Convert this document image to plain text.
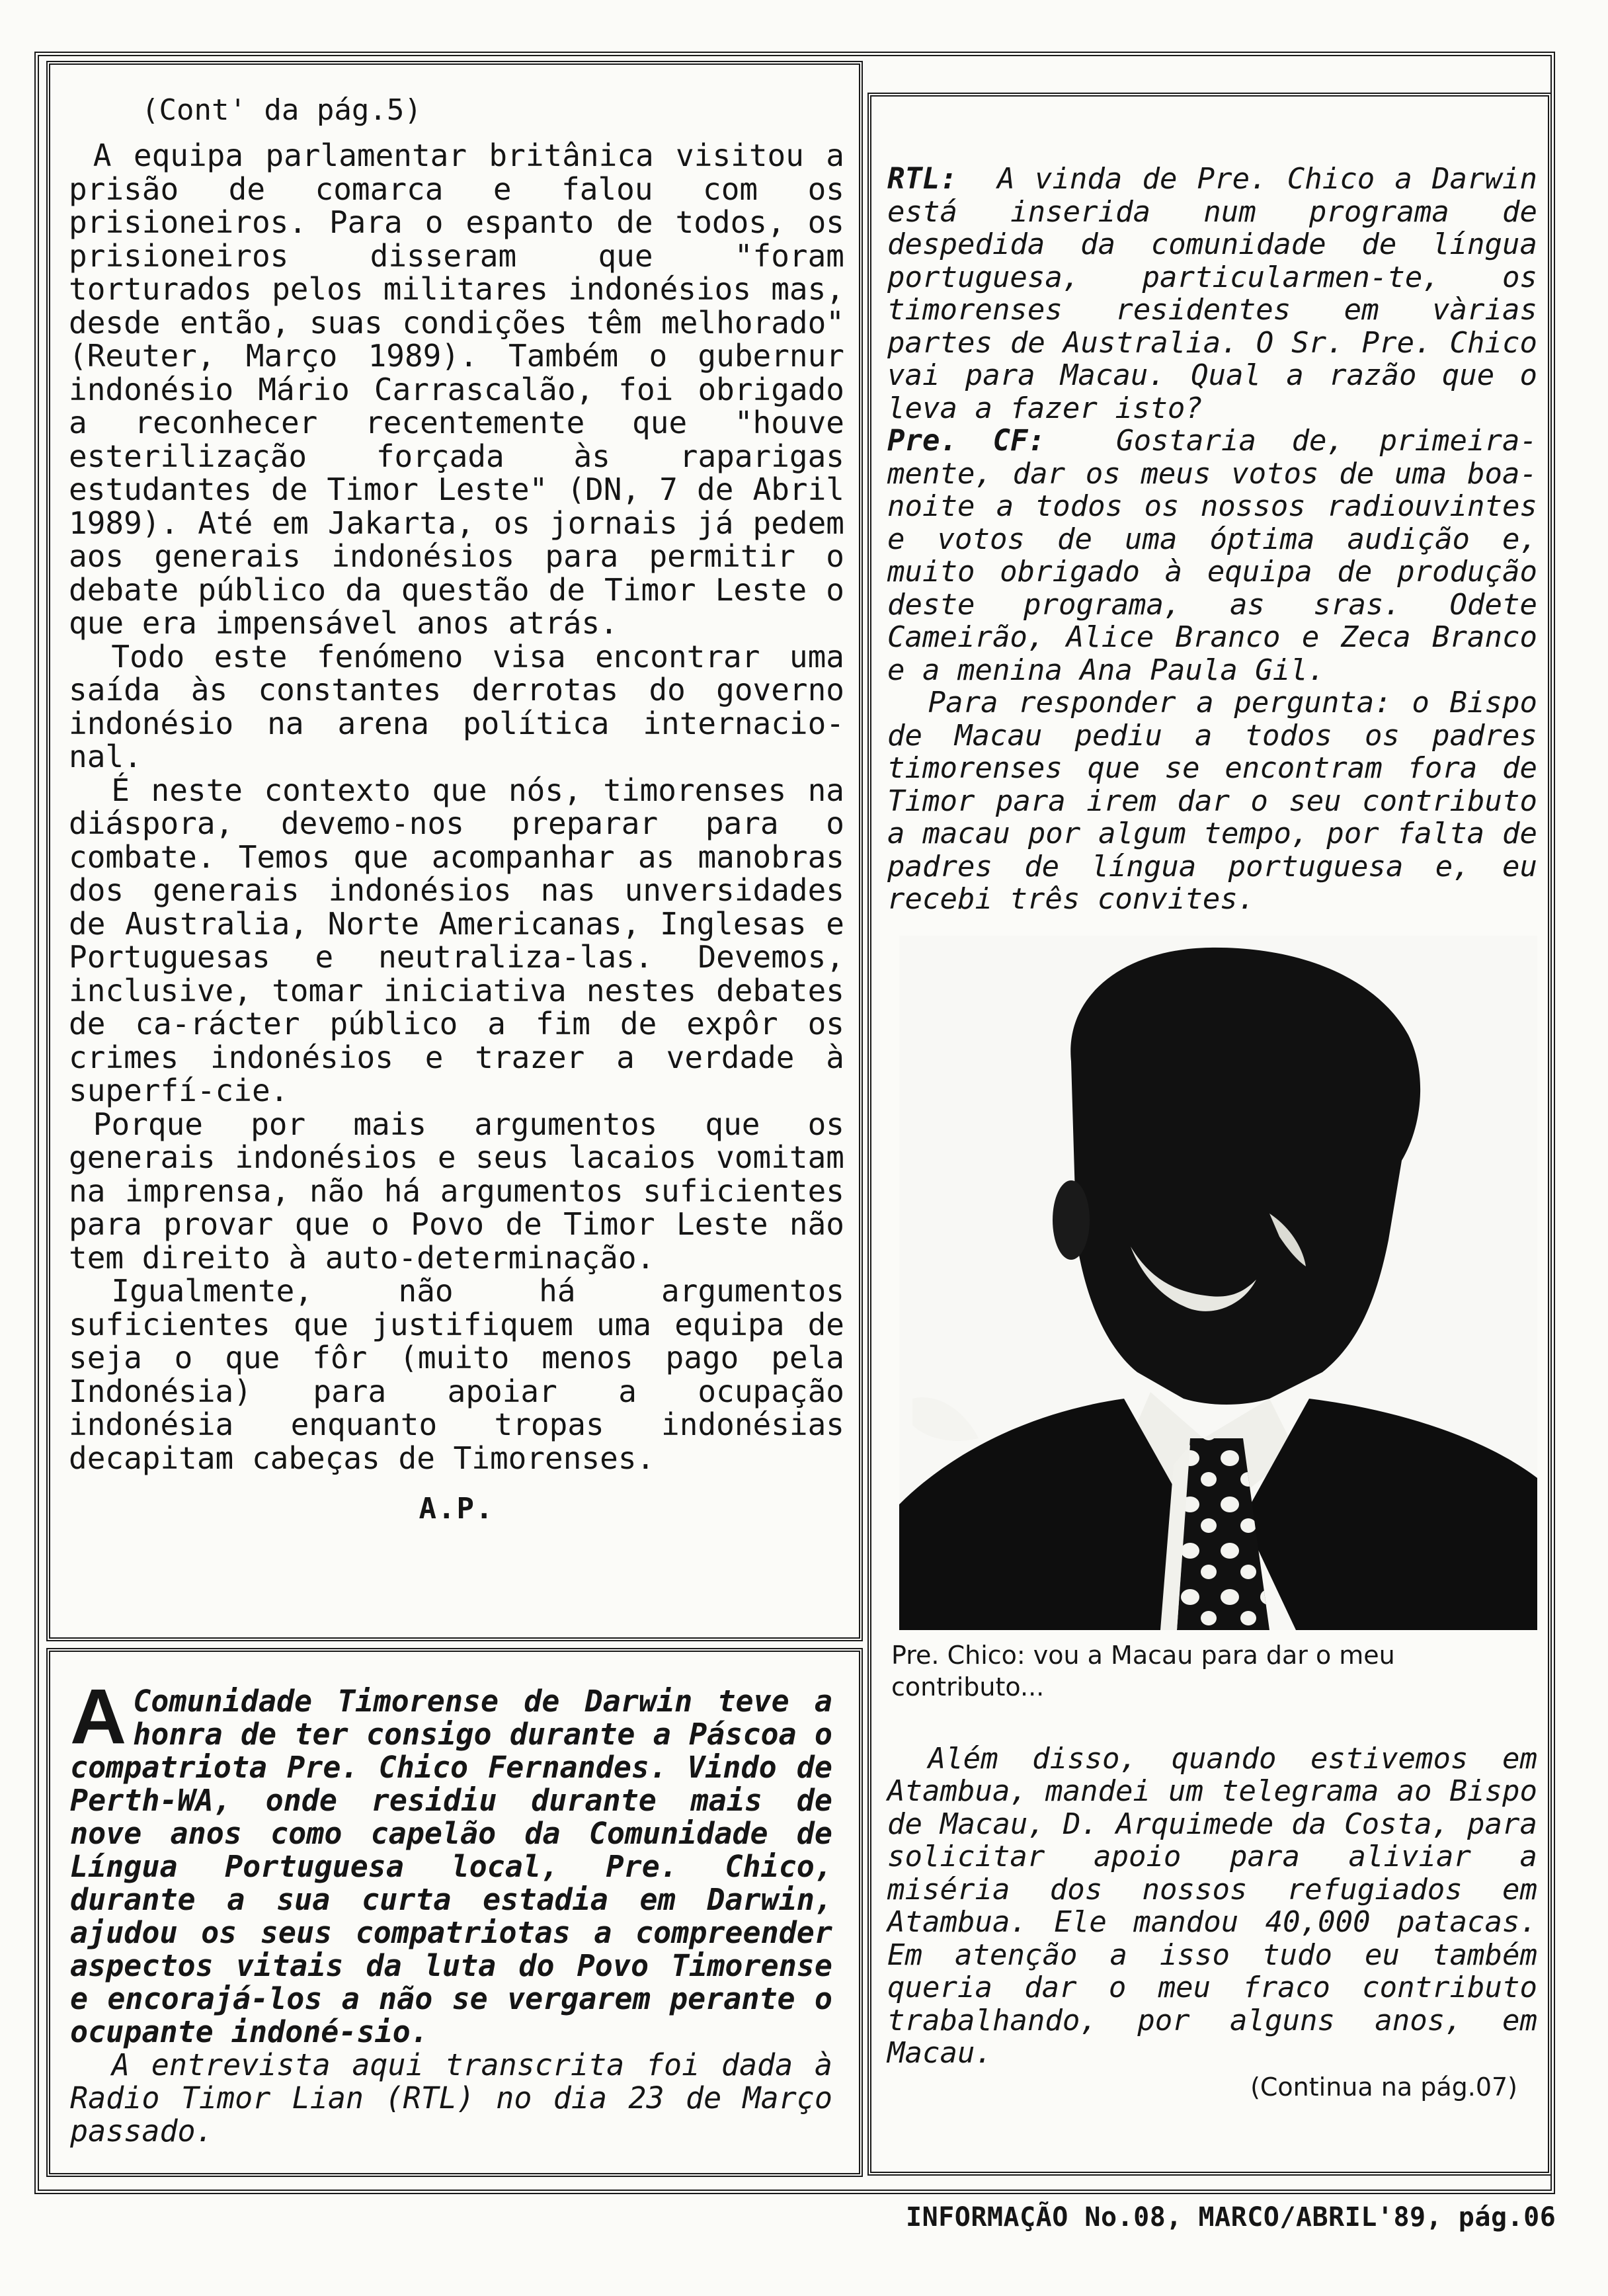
(Cont' da pág.5)

A equipa parlamentar britânica visitou a prisão de comarca e falou com os prisioneiros. Para o espanto de todos, os prisioneiros disseram que "foram torturados pelos militares indonésios mas, desde então, suas condições têm melhorado" (Reuter, Março 1989). Também o gubernur indonésio Mário Carrascalão, foi obrigado a reconhecer recentemente que "houve esterilização forçada às raparigas estudantes de Timor Leste" (DN, 7 de Abril 1989). Até em Jakarta, os jornais já pedem aos generais indonésios para permitir o debate público da questão de Timor Leste o que era impensável anos atrás.

Todo este fenómeno visa encontrar uma saída às constantes derrotas do governo indonésio na arena política internacio-nal.

É neste contexto que nós, timorenses na diáspora, devemo-nos preparar para o combate. Temos que acompanhar as manobras dos generais indonésios nas unversidades de Australia, Norte Americanas, Inglesas e Portuguesas e neutraliza-las. Devemos, inclusive, tomar iniciativa nestes debates de ca-rácter público a fim de expôr os crimes indonésios e trazer a verdade à superfí-cie.

Porque por mais argumentos que os generais indonésios e seus lacaios vomitam na imprensa, não há argumentos suficientes para provar que o Povo de Timor Leste não tem direito à auto-determinação.

Igualmente, não há argumentos suficientes que justifiquem uma equipa de seja o que fôr (muito menos pago pela Indonésia) para apoiar a ocupação indonésia enquanto tropas indonésias decapitam cabeças de Timorenses.

A.P.

RTL: A vinda de Pre. Chico a Darwin está inserida num programa de despedida da comunidade de língua portuguesa, particularmen-te, os timorenses residentes em vàrias partes de Australia. O Sr. Pre. Chico vai para Macau. Qual a razão que o leva a fazer isto?

Pre. CF: Gostaria de, primeira-mente, dar os meus votos de uma boa-noite a todos os nossos radiouvintes e votos de uma óptima audição e, muito obrigado à equipa de produção deste programa, as sras. Odete Cameirão, Alice Branco e Zeca Branco e a menina Ana Paula Gil.

Para responder a pergunta: o Bispo de Macau pediu a todos os padres timorenses que se encontram fora de Timor para irem dar o seu contributo a macau por algum tempo, por falta de padres de língua portuguesa e, eu recebi três convites.

Pre. Chico: vou a Macau para dar o meu contributo...

Além disso, quando estivemos em Atambua, mandei um telegrama ao Bispo de Macau, D. Arquimede da Costa, para solicitar apoio para aliviar a miséria dos nossos refugiados em Atambua. Ele mandou 40,000 patacas. Em atenção a isso tudo eu também queria dar o meu fraco contributo trabalhando, por alguns anos, em Macau.

(Continua na pág.07)

A Comunidade Timorense de Darwin teve a honra de ter consigo durante a Páscoa o compatriota Pre. Chico Fernandes. Vindo de Perth-WA, onde residiu durante mais de nove anos como capelão da Comunidade de Língua Portuguesa local, Pre. Chico, durante a sua curta estadia em Darwin, ajudou os seus compatriotas a compreender aspectos vitais da luta do Povo Timorense e encorajá-los a não se vergarem perante o ocupante indoné-sio.

A entrevista aqui transcrita foi dada à Radio Timor Lian (RTL) no dia 23 de Março passado.

INFORMAÇÃO No.08, MARCO/ABRIL'89, pág.06
